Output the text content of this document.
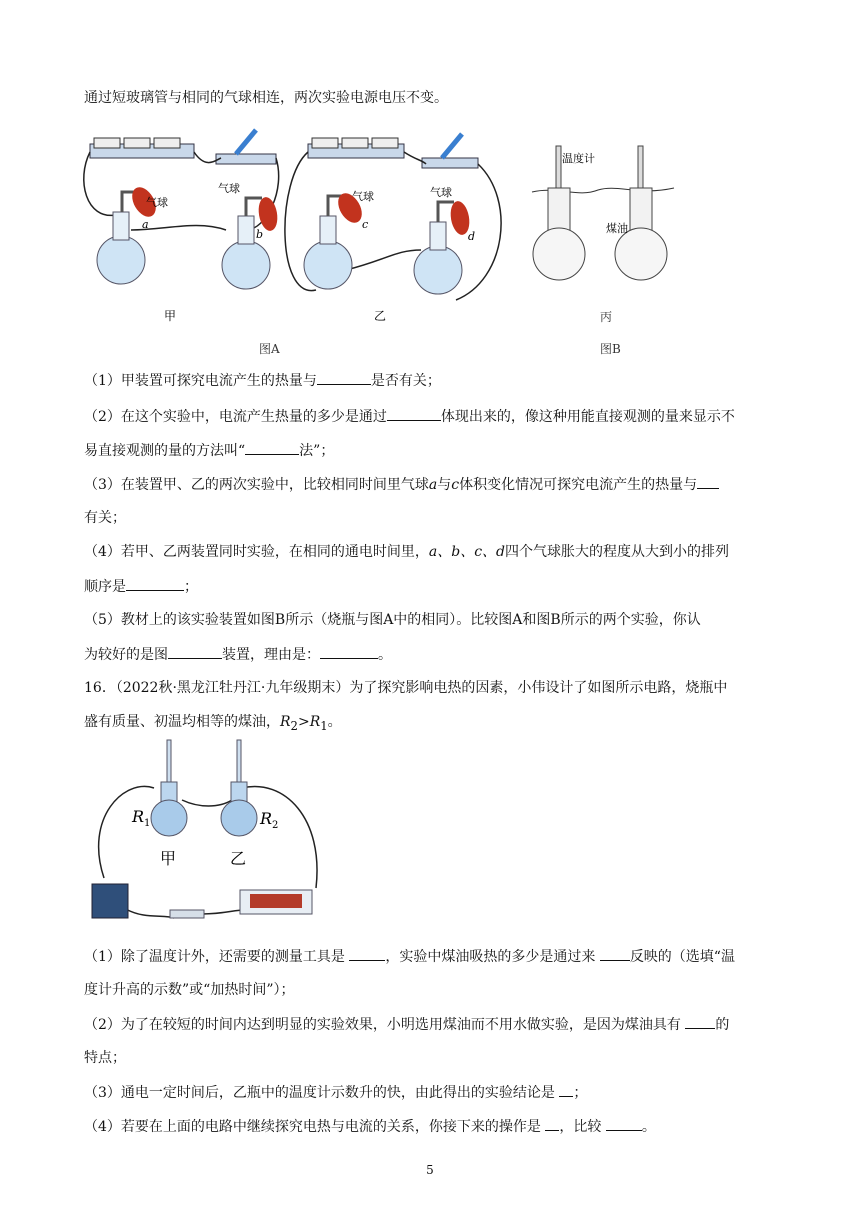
通过短玻璃管与相同的气球相连，两次实验电源电压不变。
气球
气球
气球	气球
a
b
c
d
甲	乙
图A
温度计
煤油
丙
图B
（1）甲装置可探究电流产生的热量与	是否有关；
（2）在这个实验中，电流产生热量的多少是通过	体现出来的，像这种用能直接观测的量来显示不
易直接观测的量的方法叫“	法”；
（3）在装置甲、乙的两次实验中，比较相同时间里气球a与c体积变化情况可探究电流产生的热量与
有关；
（4）若甲、乙两装置同时实验，在相同的通电时间里，a、b、c、d四个气球胀大的程度从大到小的排列
顺序是	；
（5）教材上的该实验装置如图B所示（烧瓶与图A中的相同）。比较图A和图B所示的两个实验，你认
为较好的是图	装置，理由是：	。
16．（2022秋·黑龙江牡丹江·九年级期末）为了探究影响电热的因素，小伟设计了如图所示电路，烧瓶中
盛有质量、初温均相等的煤油，$R_2>R_1$。
$R_1$	$R_2$
甲	乙
（1）除了温度计外，还需要的测量工具是	，实验中煤油吸热的多少是通过来 反映的（选填“温
度计升高的示数”或“加热时间”）；
（2）为了在较短的时间内达到明显的实验效果，小明选用煤油而不用水做实验，是因为煤油具有 的
特点；
（3）通电一定时间后，乙瓶中的温度计示数升的快，由此得出的实验结论是 ；
（4）若要在上面的电路中继续探究电热与电流的关系，你接下来的操作是 ，比较	。
5
